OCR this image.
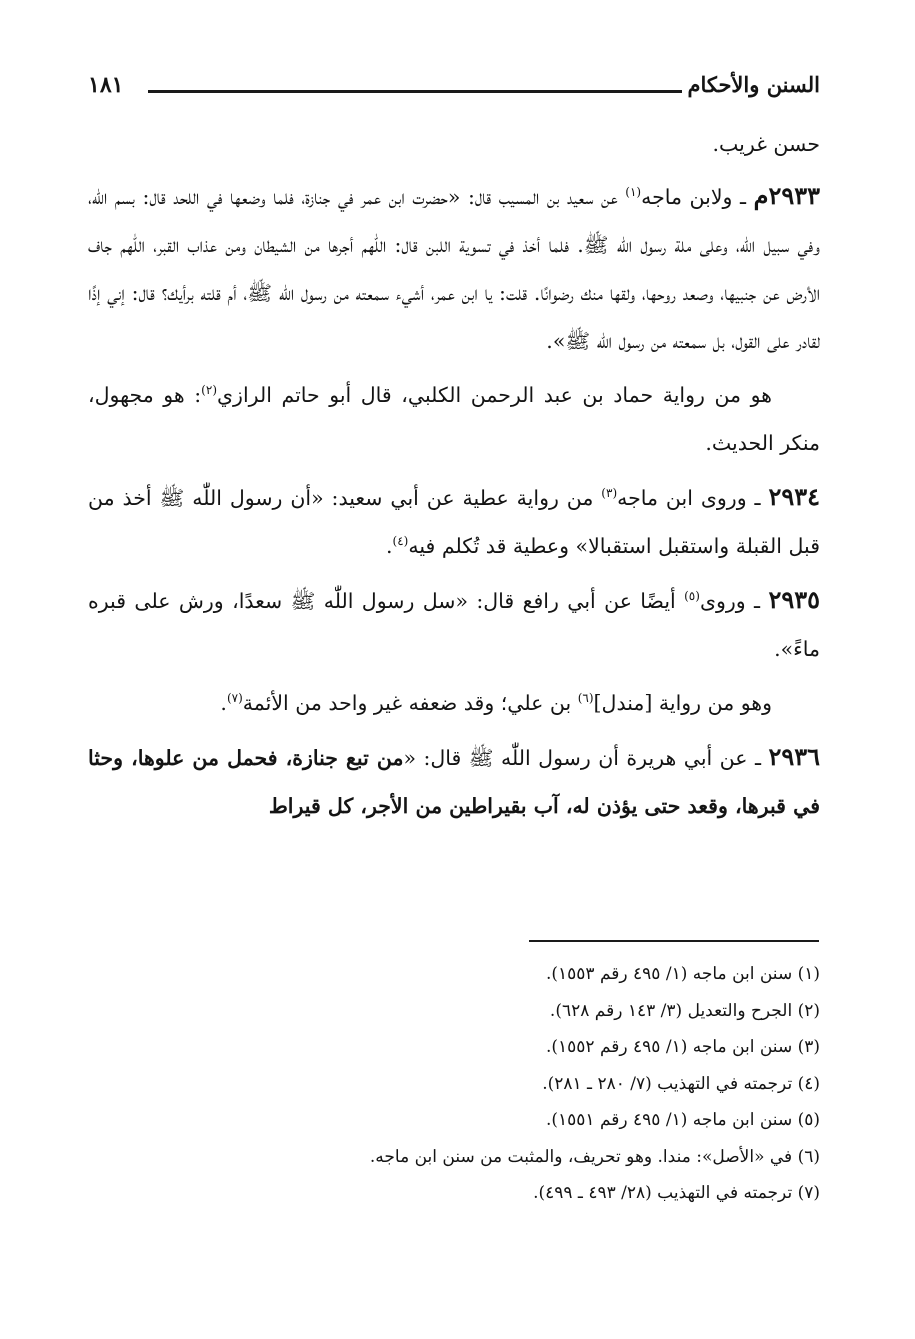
السنن والأحكام
١٨١

حسن غريب.

٢٩٣٣م ـ ولابن ماجه$^{(١)}$ عن سعيد بن المسيب قال: «حضرت ابن عمر في جنازة، فلما وضعها في اللحد قال: بسم اللّٰه، وفي سبيل اللّٰه، وعلى ملة رسول اللّٰه ﷺ. فلما أخذ في تسوية اللبن قال: اللّٰهم أجرها من الشيطان ومن عذاب القبر، اللّٰهم جاف الأرض عن جنبيها، وصعد روحها، ولقها منك رضوانًا. قلت: يا ابن عمر، أشيء سمعته من رسول اللّٰه ﷺ، أم قلته برأيك؟ قال: إني إذًا لقادر على القول، بل سمعته من رسول اللّٰه ﷺ».

هو من رواية حماد بن عبد الرحمن الكلبي، قال أبو حاتم الرازي$^{(٢)}$: هو مجهول، منكر الحديث.

٢٩٣٤ ـ وروى ابن ماجه$^{(٣)}$ من رواية عطية عن أبي سعيد: «أن رسول اللّٰه ﷺ أخذ من قبل القبلة واستقبل استقبالا» وعطية قد تُكلم فيه$^{(٤)}$.

٢٩٣٥ ـ وروى$^{(٥)}$ أيضًا عن أبي رافع قال: «سل رسول اللّٰه ﷺ سعدًا، ورش على قبره ماءً».

وهو من رواية [مندل]$^{(٦)}$ بن علي؛ وقد ضعفه غير واحد من الأئمة$^{(٧)}$.

٢٩٣٦ ـ عن أبي هريرة أن رسول اللّٰه ﷺ قال: «من تبع جنازة، فحمل من علوها، وحثا في قبرها، وقعد حتى يؤذن له، آب بقيراطين من الأجر، كل قيراط

(١) سنن ابن ماجه (١/ ٤٩٥ رقم ١٥٥٣).
(٢) الجرح والتعديل (٣/ ١٤٣ رقم ٦٢٨).
(٣) سنن ابن ماجه (١/ ٤٩٥ رقم ١٥٥٢).
(٤) ترجمته في التهذيب (٧/ ٢٨٠ ـ ٢٨١).
(٥) سنن ابن ماجه (١/ ٤٩٥ رقم ١٥٥١).
(٦) في «الأصل»: مندا. وهو تحريف، والمثبت من سنن ابن ماجه.
(٧) ترجمته في التهذيب (٢٨/ ٤٩٣ ـ ٤٩٩).
